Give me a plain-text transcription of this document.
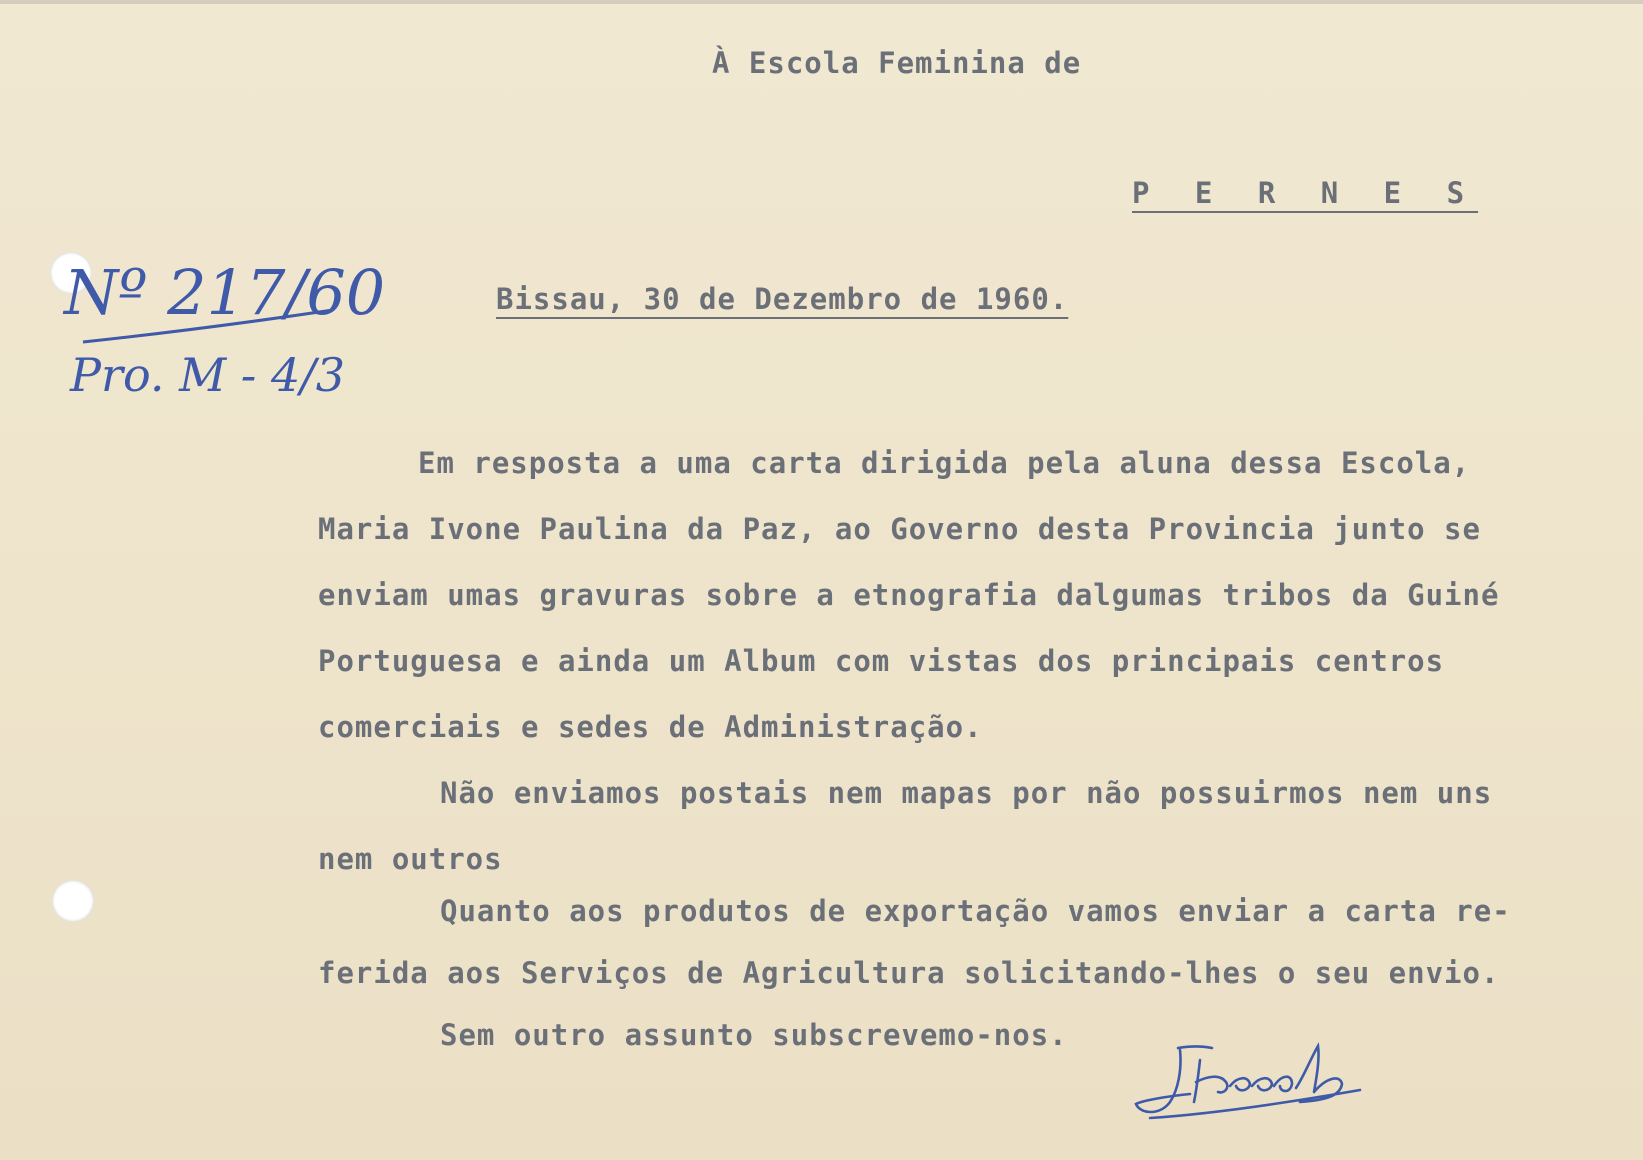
À Escola Feminina de

P E R N E S

Bissau, 30 de Dezembro de 1960.

Nº 217/60
Pro. M - 4/3

Em resposta a uma carta dirigida pela aluna dessa Escola,

Maria Ivone Paulina da Paz, ao Governo desta Provincia junto se

enviam umas gravuras sobre a etnografia dalgumas tribos da Guiné

Portuguesa e ainda um Album com vistas dos principais centros

comerciais e sedes de Administração.

Não enviamos postais nem mapas por não possuirmos nem uns

nem outros

Quanto aos produtos de exportação vamos enviar a carta re-

ferida aos Serviços de Agricultura solicitando-lhes o seu envio.

Sem outro assunto subscrevemo-nos.
